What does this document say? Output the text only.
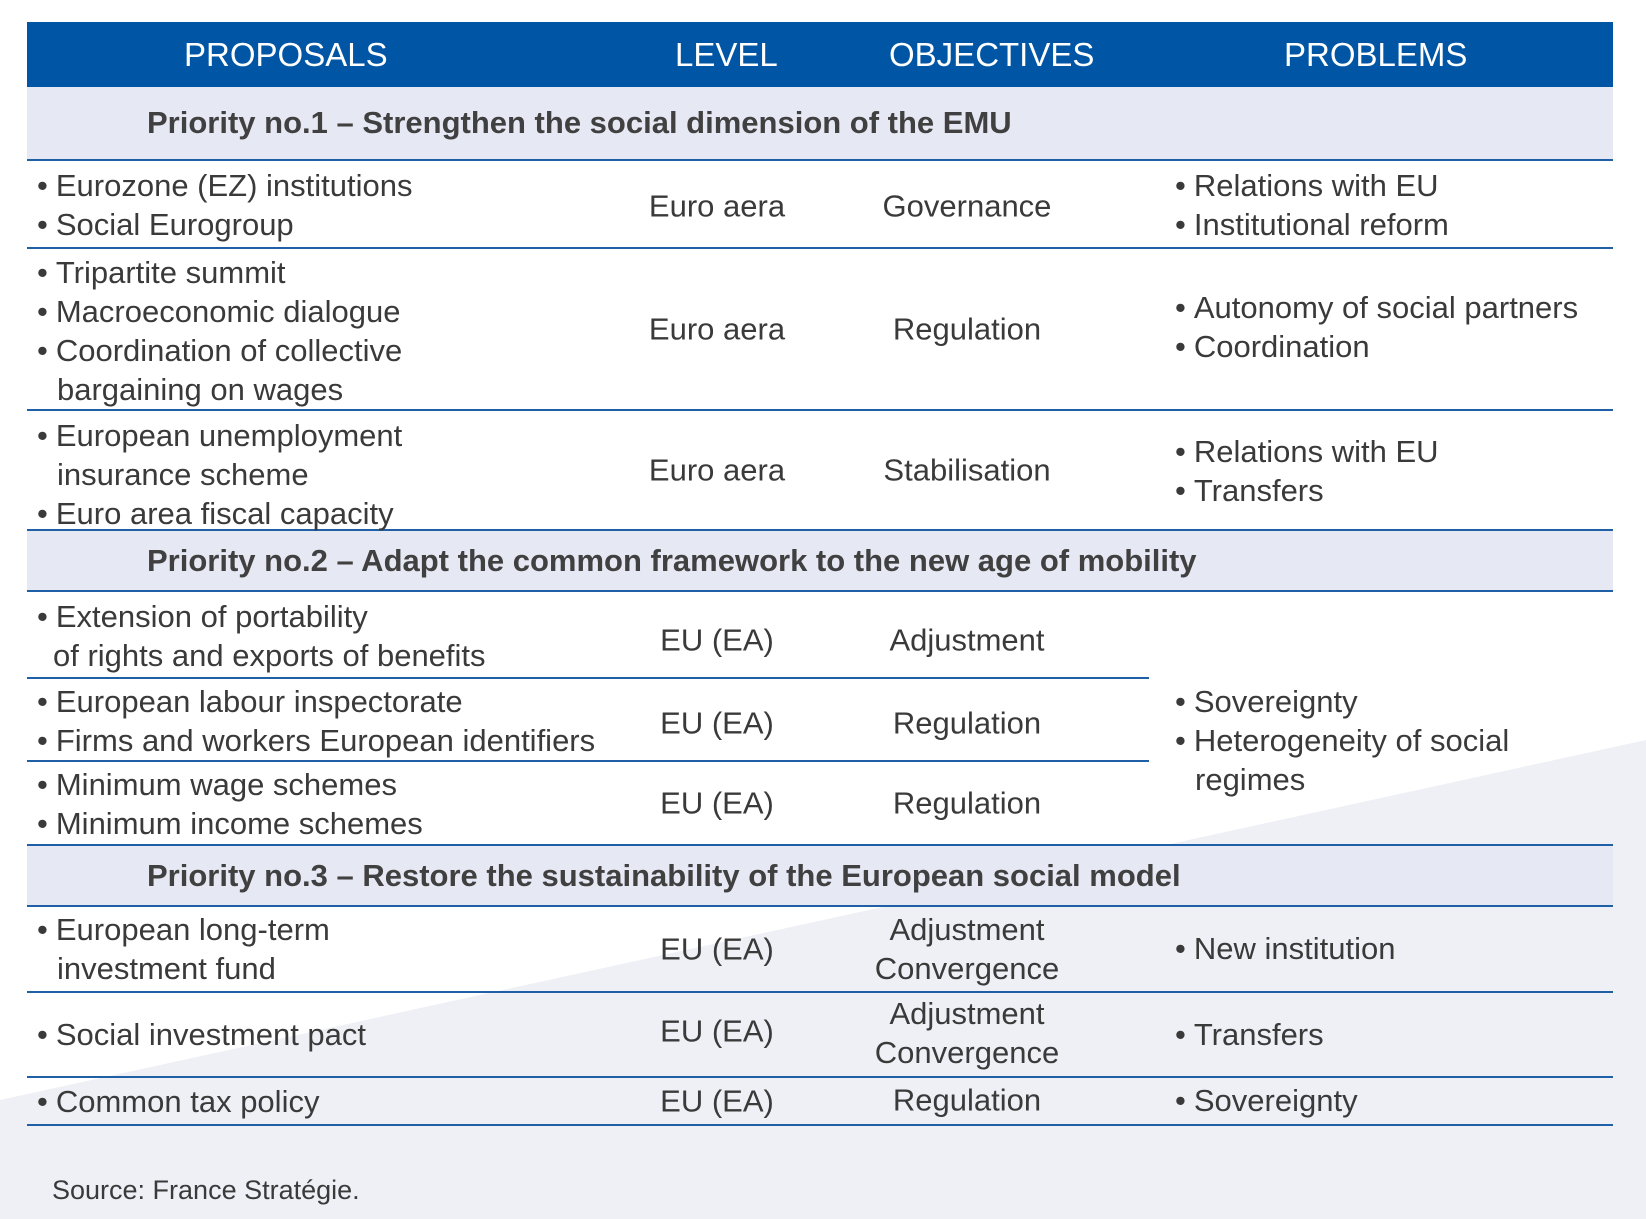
PROPOSALS	LEVEL	OBJECTIVES	PROBLEMS
Priority no.1 – Strengthen the social dimension of the EMU
• Eurozone (EZ) institutions
• Social Eurogroup
Euro aera	Governance
• Relations with EU
• Institutional reform
• Tripartite summit
• Macroeconomic dialogue
• Coordination of collective
bargaining on wages
Euro aera	Regulation
• Autonomy of social partners
• Coordination
• European unemployment
insurance scheme
• Euro area fiscal capacity
Euro aera	Stabilisation
• Relations with EU
• Transfers
Priority no.2 – Adapt the common framework to the new age of mobility
• Extension of portability
of rights and exports of benefits	EU (EA)	Adjustment
• European labour inspectorate
• Firms and workers European identifiers	EU (EA)	Regulation
• Minimum wage schemes
• Minimum income schemes
EU (EA)	Regulation
• Sovereignty
• Heterogeneity of social
regimes
Priority no.3 – Restore the sustainability of the European social model
• European long-term
investment fund
EU (EA)
Adjustment
Convergence
• New institution
• Social investment pact	EU (EA)	Adjustment
Convergence
• Transfers
• Common tax policy	EU (EA)	Regulation
•	Sovereignty
Source: France Stratégie.
